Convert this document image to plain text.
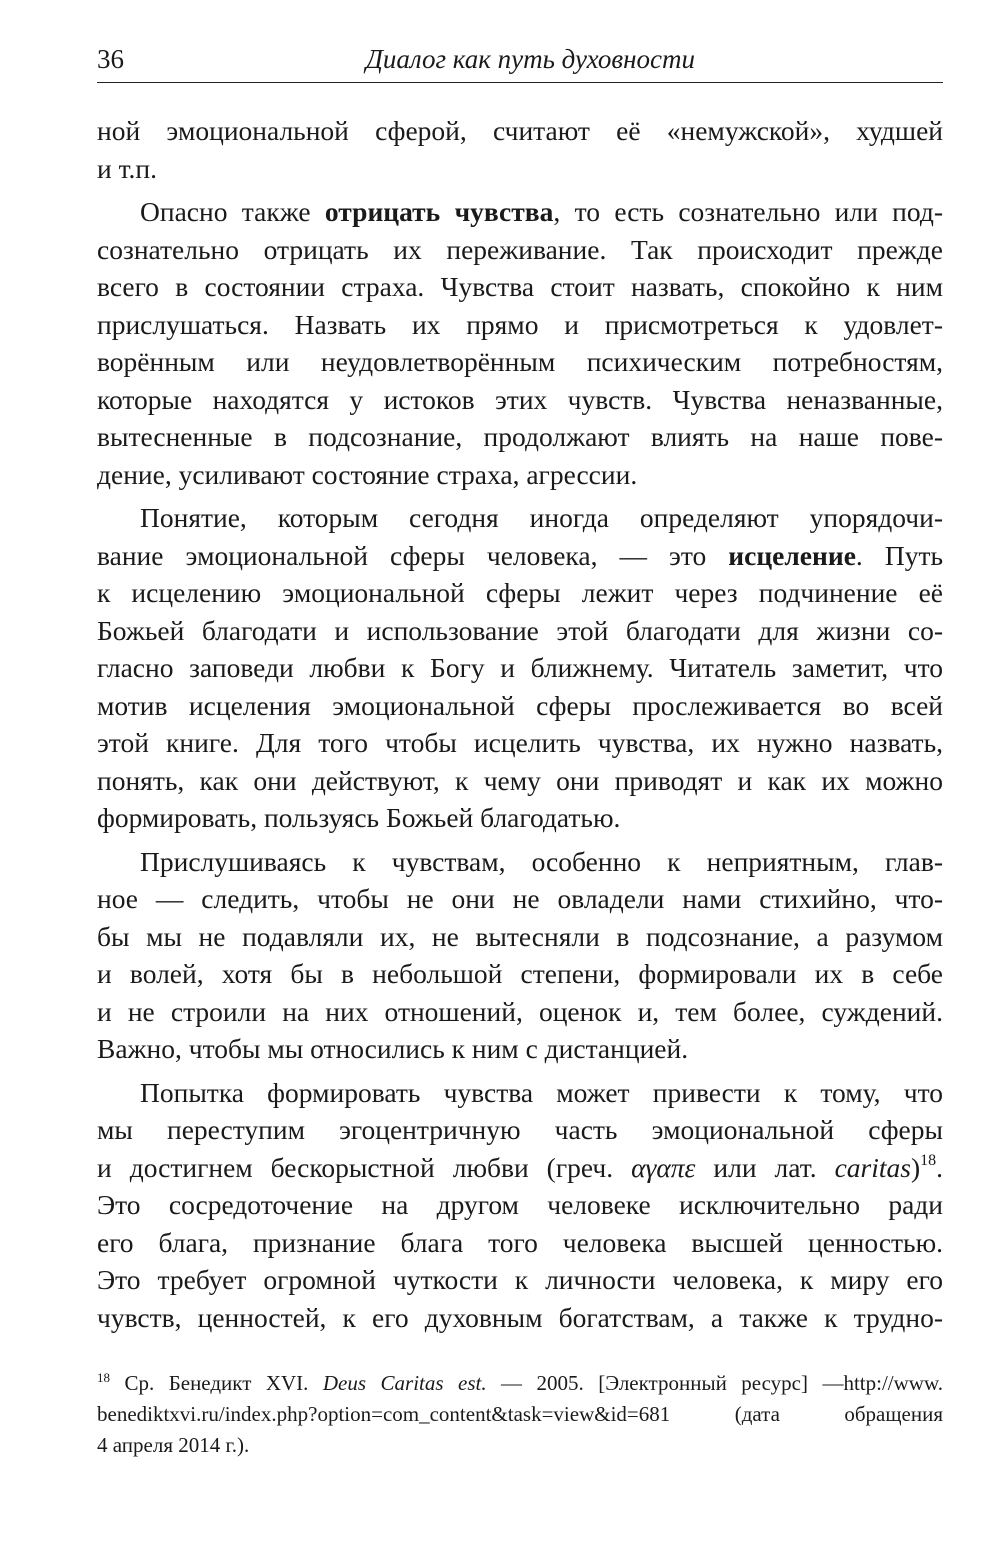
36	Диалог как путь духовности
ной эмоциональной сферой, считают её «немужской», худшей
и т.п.
Опасно также отрицать чувства, то есть сознательно или под-
сознательно отрицать их переживание. Так происходит прежде
всего в состоянии страха. Чувства стоит назвать, спокойно к ним
прислушаться. Назвать их прямо и присмотреться к удовлет-
ворённым или неудовлетворённым психическим потребностям,
которые находятся у истоков этих чувств. Чувства неназванные,
вытесненные в подсознание, продолжают влиять на наше пове-
дение, усиливают состояние страха, агрессии.
Понятие, которым сегодня иногда определяют упорядочи-
вание эмоциональной сферы человека, — это исцеление. Путь
к исцелению эмоциональной сферы лежит через подчинение её
Божьей благодати и использование этой благодати для жизни со-
гласно заповеди любви к Богу и ближнему. Читатель заметит, что
мотив исцеления эмоциональной сферы прослеживается во всей
этой книге. Для того чтобы исцелить чувства, их нужно назвать,
понять, как они действуют, к чему они приводят и как их можно
формировать, пользуясь Божьей благодатью.
Прислушиваясь к чувствам, особенно к неприятным, глав-
ное — следить, чтобы не они не овладели нами стихийно, что-
бы мы не подавляли их, не вытесняли в подсознание, а разумом
и волей, хотя бы в небольшой степени, формировали их в себе
и не строили на них отношений, оценок и, тем более, суждений.
Важно, чтобы мы относились к ним с дистанцией.
Попытка формировать чувства может привести к тому, что
мы переступим эгоцентричную часть эмоциональной сферы
и достигнем бескорыстной любви (греч. αγαπε или лат. caritas)$^{18}$.
Это сосредоточение на другом человеке исключительно ради
его блага, признание блага того человека высшей ценностью.
Это требует огромной чуткости к личности человека, к миру его
чувств, ценностей, к его духовным богатствам, а также к трудно-
$^{18}$ Ср. Бенедикт XVI. Deus Caritas est. — 2005. [Электронный ресурс] —http://www.
benediktxvi.ru/index.php?option=com_content&task=view&id=681 (дата обращения
4 апреля 2014 г.).
